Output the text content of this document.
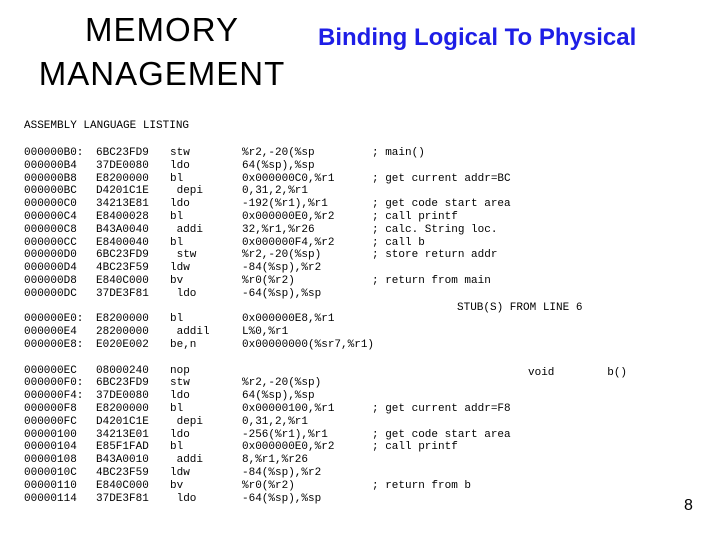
MEMORY
MANAGEMENT
Binding Logical To Physical
ASSEMBLY LANGUAGE LISTING
000000B0: 6BC23FD9 stw	%r2,-20(%sp	; main()
000000B4 37DE0080 ldo	64(%sp),%sp
000000B8 E8200000 bl	0x000000C0,%r1	; get current addr=BC
000000BC D4201C1E depi	0,31,2,%r1
000000C0 34213E81 ldo	-192(%r1),%r1	; get code start area
000000C4 E8400028 bl	0x000000E0,%r2	; call printf
000000C8 B43A0040 addi	32,%r1,%r26	; calc. String loc.
000000CC E8400040 bl	0x000000F4,%r2	; call b
000000D0 6BC23FD9 stw	%r2,-20(%sp)	; store return addr
000000D4 4BC23F59 ldw	-84(%sp),%r2
000000D8 E840C000 bv	%r0(%r2)	; return from main
000000DC 37DE3F81 ldo	-64(%sp),%sp
000000E0: E8200000 bl	0x000000E8,%r1
000000E4 28200000 addil	L%0,%r1
000000E8: E020E002 be,n	0x00000000(%sr7,%r1)
000000EC 08000240 nop
000000F0: 6BC23FD9 stw	%r2,-20(%sp)
000000F4: 37DE0080 ldo	64(%sp),%sp
000000F8 E8200000 bl	0x00000100,%r1	; get current addr=F8
000000FC D4201C1E depi	0,31,2,%r1
00000100 34213E01 ldo	-256(%r1),%r1	; get code start area
00000104 E85F1FAD bl	0x000000E0,%r2	; call printf
00000108 B43A0010 addi	8,%r1,%r26
0000010C 4BC23F59 ldw	-84(%sp),%r2
00000110 E840C000 bv	%r0(%r2)	; return from b
00000114 37DE3F81 ldo	-64(%sp),%sp
STUB(S) FROM LINE 6
void        b()
8
